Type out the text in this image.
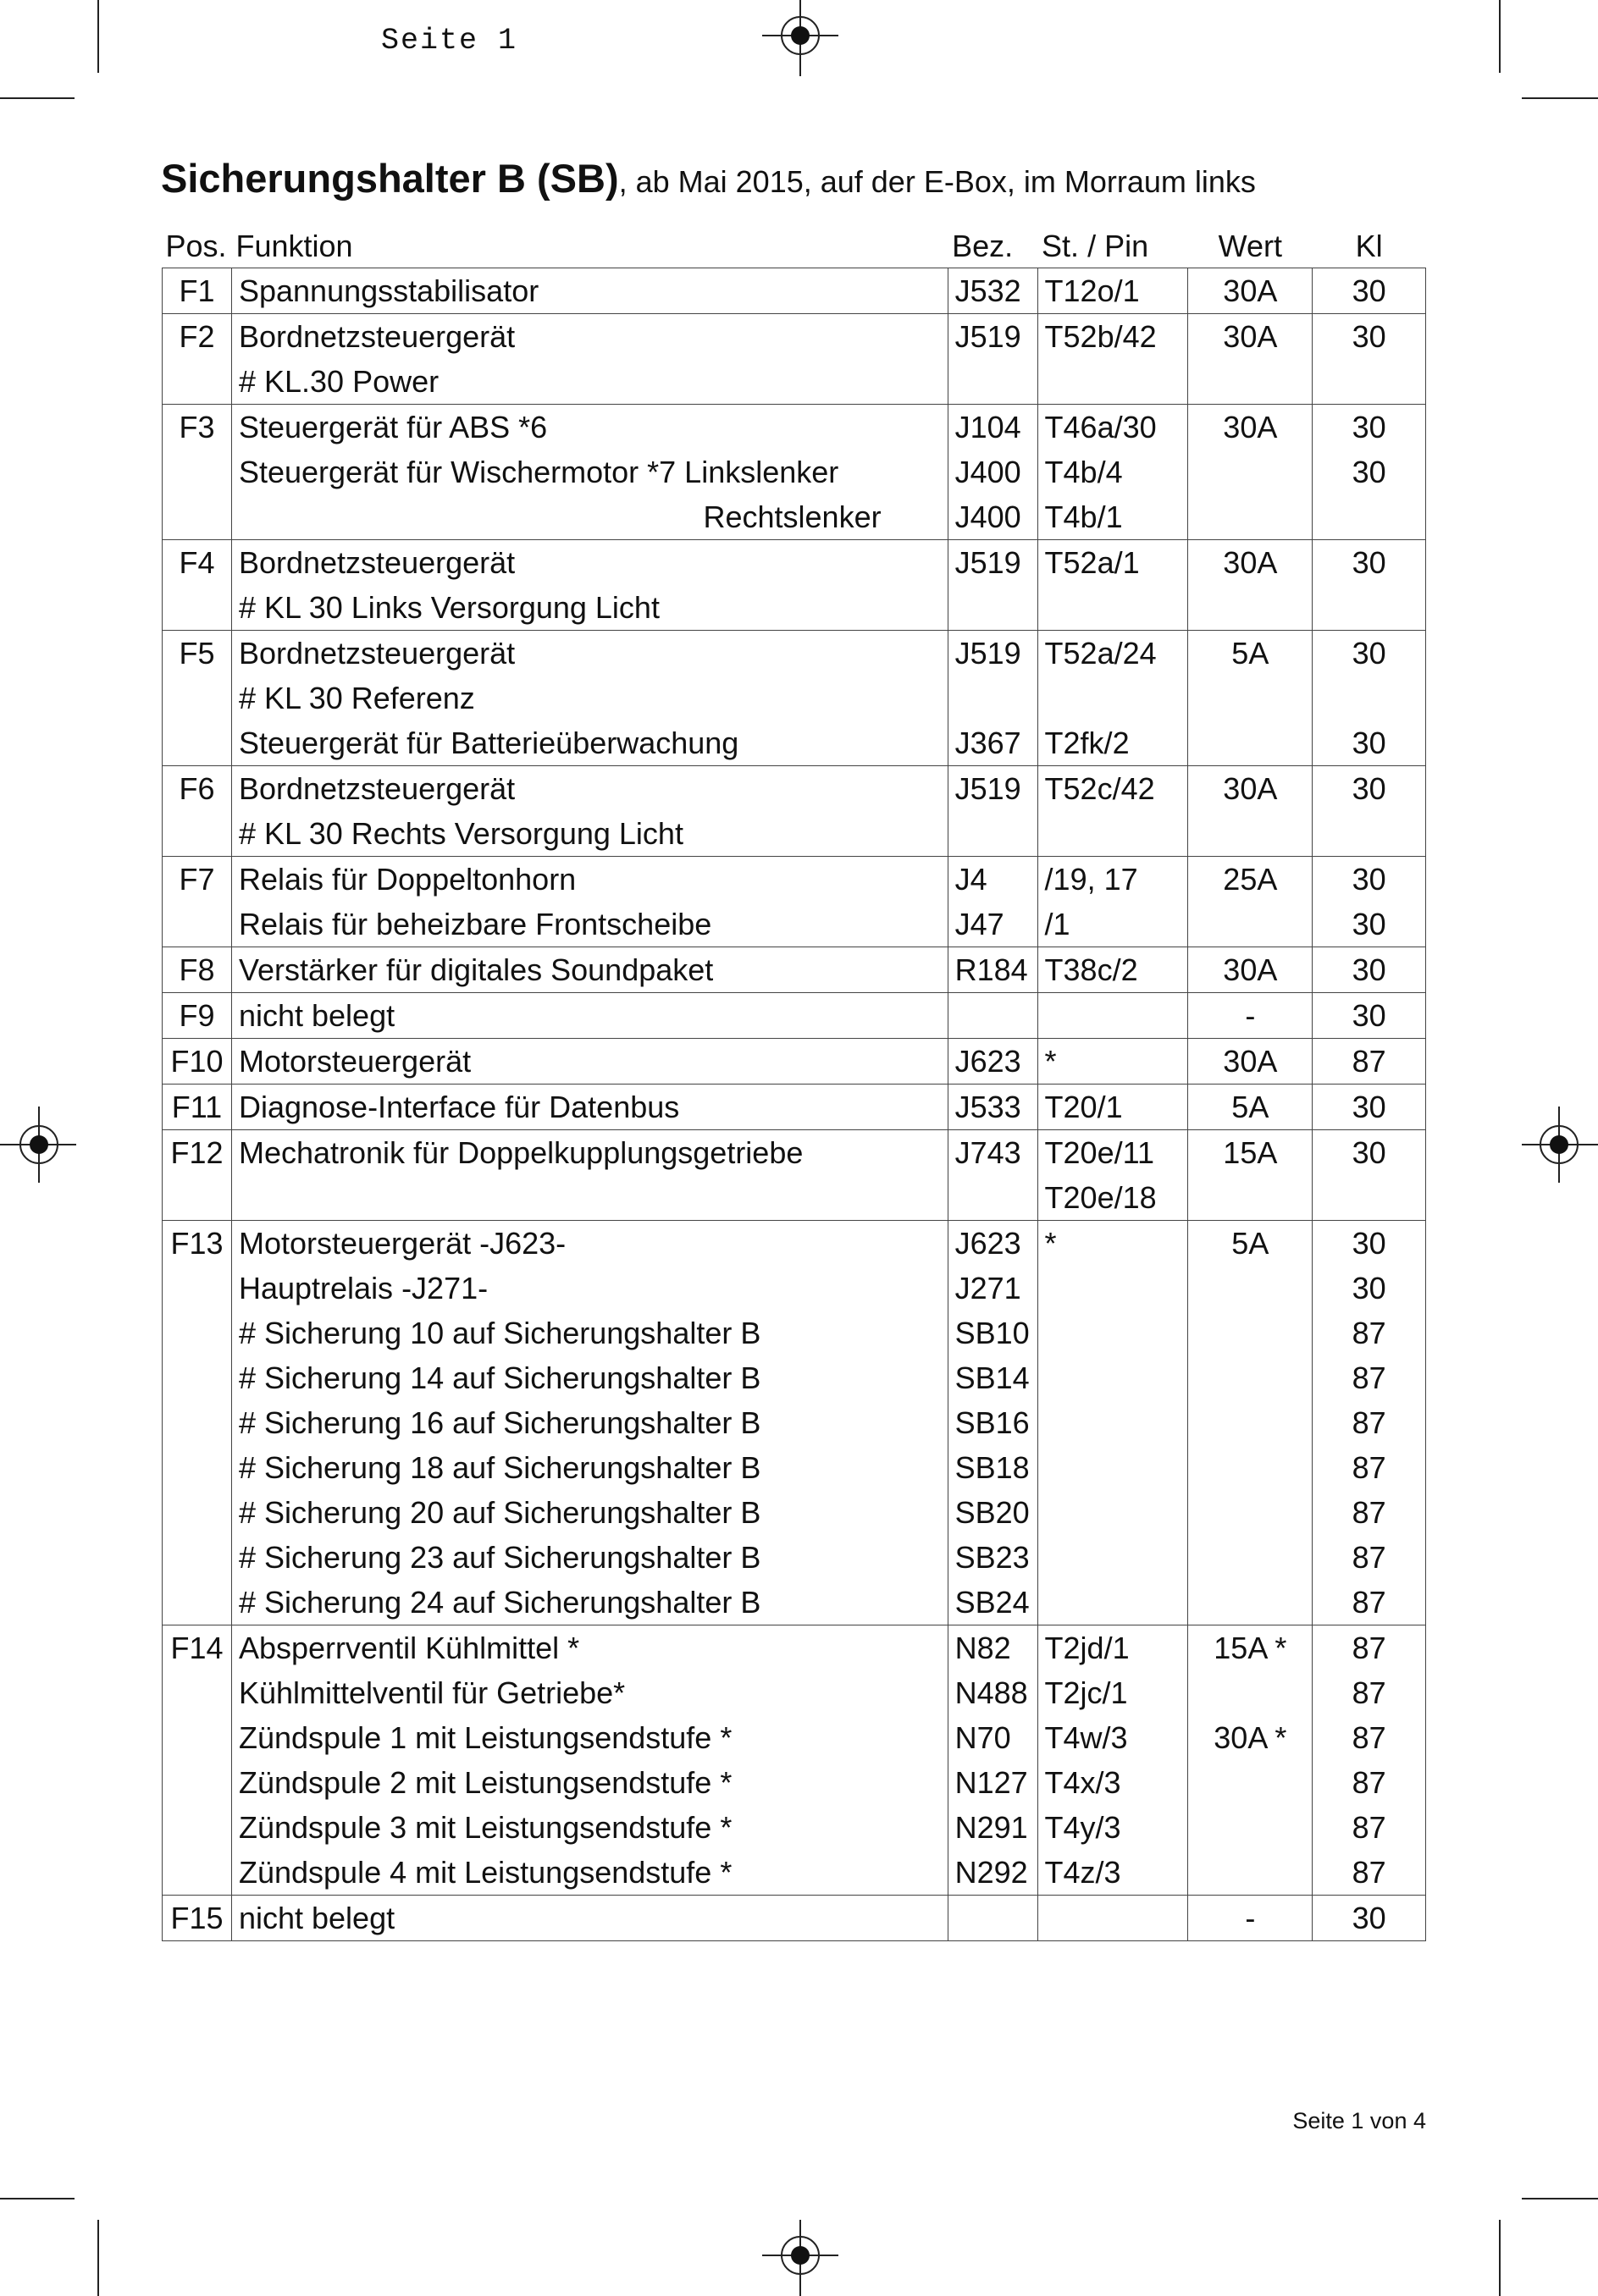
Seite 1
Sicherungshalter B (SB), ab Mai 2015, auf der E-Box, im Morraum links
Pos.	Funktion	Bez.	St. / Pin	Wert	Kl
F1	Spannungsstabilisator	J532	T12o/1	30A	30
F2	Bordnetzsteuergerät	J519	T52b/42	30A	30
	# KL.30 Power				
F3	Steuergerät für ABS *6	J104	T46a/30	30A	30
	Steuergerät für Wischermotor *7 Linkslenker	J400	T4b/4		30

	Rechtslenker	J400	T4b/1		
F4	Bordnetzsteuergerät	J519	T52a/1	30A	30
	# KL 30 Links Versorgung Licht				
F5	Bordnetzsteuergerät	J519	T52a/24	5A	30
	# KL 30 Referenz				
	Steuergerät für Batterieüberwachung	J367	T2fk/2		30
F6	Bordnetzsteuergerät	J519	T52c/42	30A	30
	# KL 30 Rechts Versorgung Licht				
F7	Relais für Doppeltonhorn	J4	/19, 17	25A	30
	Relais für beheizbare Frontscheibe	J47	/1		30
F8	Verstärker für digitales Soundpaket	R184	T38c/2	30A	30
F9	nicht belegt			-	30
F10	Motorsteuergerät	J623	*	30A	87
F11	Diagnose-Interface für Datenbus	J533	T20/1	5A	30
F12	Mechatronik für Doppelkupplungsgetriebe	J743	T20e/11	15A	30
			T20e/18		
F13	Motorsteuergerät -J623-	J623	*	5A	30
	Hauptrelais -J271-	J271			30
	# Sicherung 10 auf Sicherungshalter B	SB10			87
	# Sicherung 14 auf Sicherungshalter B	SB14			87
	# Sicherung 16 auf Sicherungshalter B	SB16			87
	# Sicherung 18 auf Sicherungshalter B	SB18			87
	# Sicherung 20 auf Sicherungshalter B	SB20			87
	# Sicherung 23 auf Sicherungshalter B	SB23			87
	# Sicherung 24 auf Sicherungshalter B	SB24			87
F14	Absperrventil Kühlmittel *	N82	T2jd/1	15A *	87
	Kühlmittelventil für Getriebe*	N488	T2jc/1		87
	Zündspule 1 mit Leistungsendstufe *	N70	T4w/3	30A *	87
	Zündspule 2 mit Leistungsendstufe *	N127	T4x/3		87
	Zündspule 3 mit Leistungsendstufe *	N291	T4y/3		87
	Zündspule 4 mit Leistungsendstufe *	N292	T4z/3		87
F15	nicht belegt			-	30
Seite 1 von 4
